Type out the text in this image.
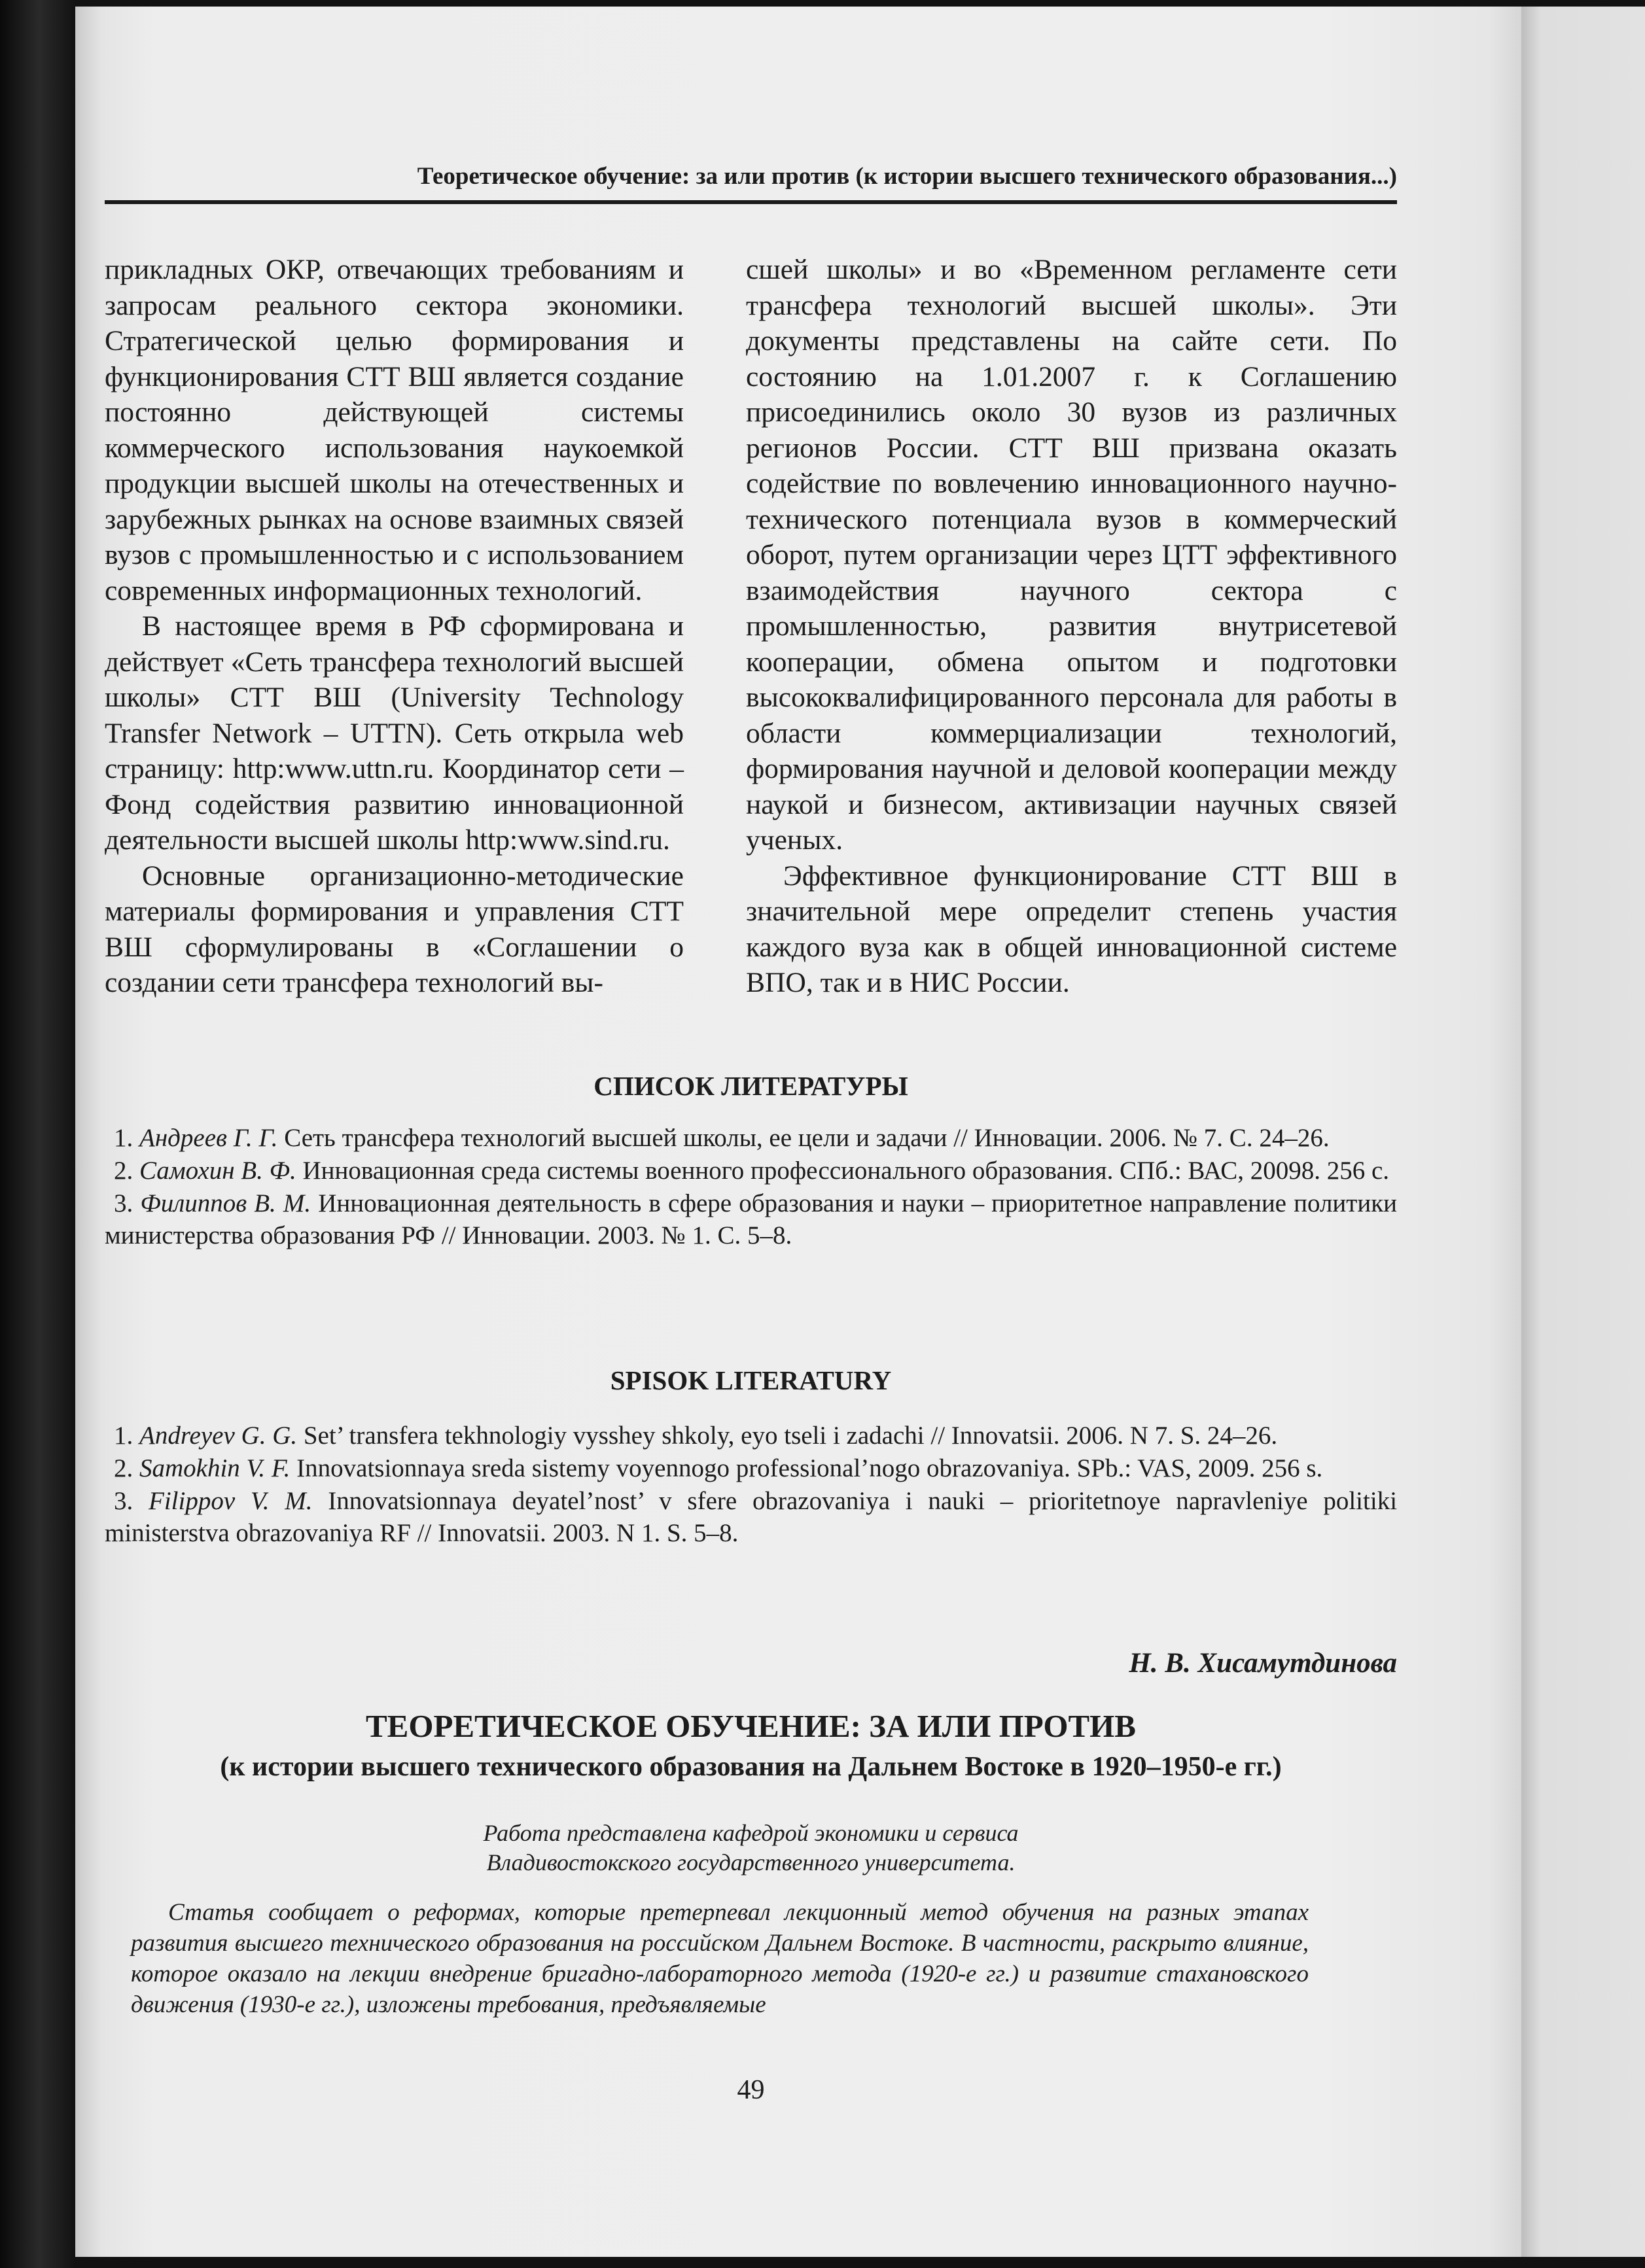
Теоретическое обучение: за или против (к истории высшего технического образования...)

прикладных ОКР, отвечающих требованиям и запросам реального сектора экономики. Стратегической целью формирования и функционирования СТТ ВШ является создание постоянно действующей системы коммерческого использования наукоемкой продукции высшей школы на отечественных и зарубежных рынках на основе взаимных связей вузов с промышленностью и с использованием современных информационных технологий.

В настоящее время в РФ сформирована и действует «Сеть трансфера технологий высшей школы» СТТ ВШ (University Technology Transfer Network – UTTN). Сеть открыла web страницу: http:www.uttn.ru. Координатор сети – Фонд содействия развитию инновационной деятельности высшей школы http:www.sind.ru.

Основные организационно-методические материалы формирования и управления СТТ ВШ сформулированы в «Соглашении о создании сети трансфера технологий вы-

сшей школы» и во «Временном регламенте сети трансфера технологий высшей школы». Эти документы представлены на сайте сети. По состоянию на 1.01.2007 г. к Соглашению присоединились около 30 вузов из различных регионов России. СТТ ВШ призвана оказать содействие по вовлечению инновационного научно-технического потенциала вузов в коммерческий оборот, путем организации через ЦТТ эффективного взаимодействия научного сектора с промышленностью, развития внутрисетевой кооперации, обмена опытом и подготовки высококвалифицированного персонала для работы в области коммерциализации технологий, формирования научной и деловой кооперации между наукой и бизнесом, активизации научных связей ученых.

Эффективное функционирование СТТ ВШ в значительной мере определит степень участия каждого вуза как в общей инновационной системе ВПО, так и в НИС России.

СПИСОК ЛИТЕРАТУРЫ

1. Андреев Г. Г. Сеть трансфера технологий высшей школы, ее цели и задачи // Инновации. 2006. № 7. С. 24–26.

2. Самохин В. Ф. Инновационная среда системы военного профессионального образования. СПб.: ВАС, 20098. 256 с.

3. Филиппов В. М. Инновационная деятельность в сфере образования и науки – приоритетное направление политики министерства образования РФ // Инновации. 2003. № 1. С. 5–8.

SPISOK LITERATURY

1. Andreyev G. G. Set’ transfera tekhnologiy vysshey shkoly, eyo tseli i zadachi // Innovatsii. 2006. N 7. S. 24–26.

2. Samokhin V. F. Innovatsionnaya sreda sistemy voyennogo professional’nogo obrazovaniya. SPb.: VAS, 2009. 256 s.

3. Filippov V. M. Innovatsionnaya deyatel’nost’ v sfere obrazovaniya i nauki – prioritetnoye napravleniye politiki ministerstva obrazovaniya RF // Innovatsii. 2003. N 1. S. 5–8.

Н. В. Хисамутдинова
ТЕОРЕТИЧЕСКОЕ ОБУЧЕНИЕ: ЗА ИЛИ ПРОТИВ
(к истории высшего технического образования на Дальнем Востоке в 1920–1950-е гг.)
Работа представлена кафедрой экономики и сервиса
Владивостокского государственного университета.
Статья сообщает о реформах, которые претерпевал лекционный метод обучения на разных этапах развития высшего технического образования на российском Дальнем Востоке. В частности, раскрыто влияние, которое оказало на лекции внедрение бригадно-лабораторного метода (1920-е гг.) и развитие стахановского движения (1930-е гг.), изложены требования, предъявляемые
49
